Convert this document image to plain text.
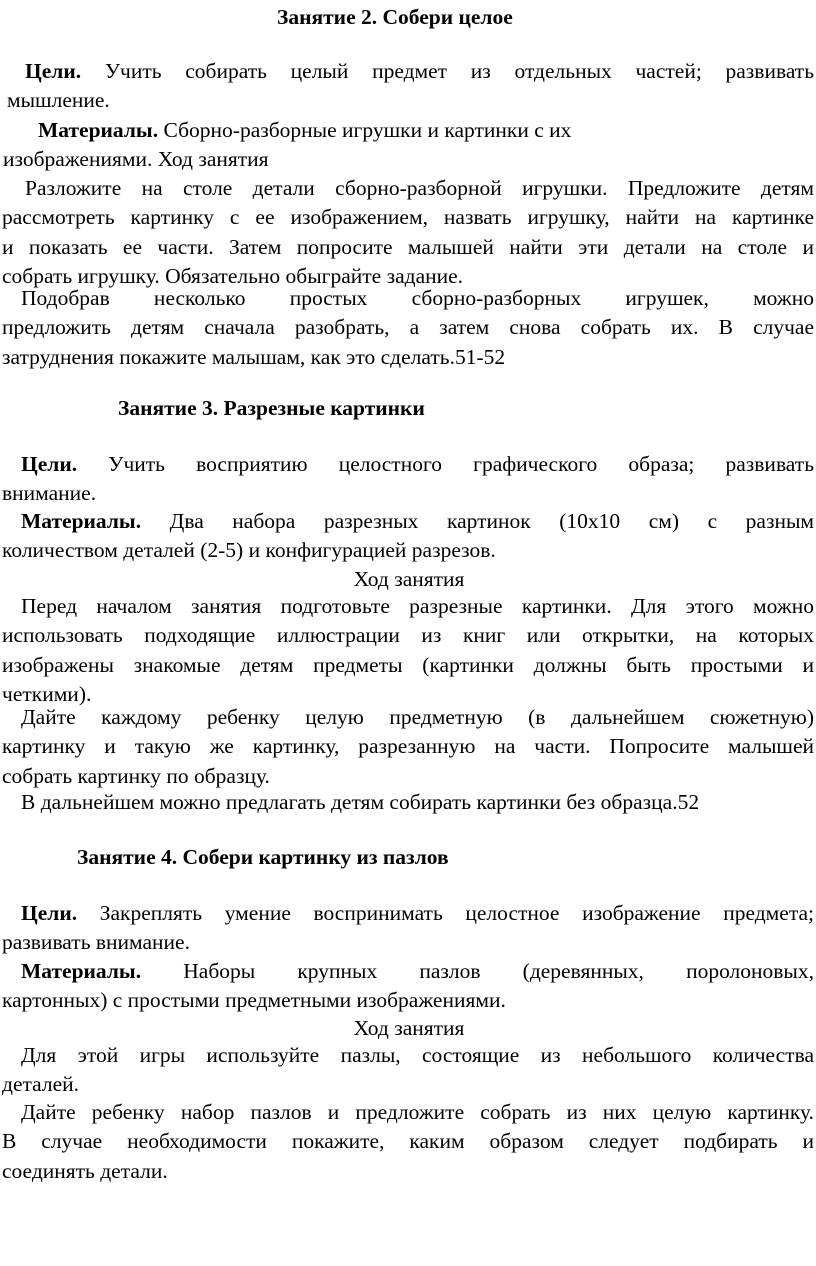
Занятие 2. Собери целое
Цели. Учить собирать целый предмет из отдельных частей; развивать
мышление.
Материалы. Сборно-разборные игрушки и картинки с их
изображениями. Ход занятия
Разложите на столе детали сборно-разборной игрушки. Предложите детям
рассмотреть картинку с ее изображением, назвать игрушку, найти на картинке
и показать ее части. Затем попросите малышей найти эти детали на столе и
собрать игрушку. Обязательно обыграйте задание.
Подобрав несколько простых сборно-разборных игрушек, можно
предложить детям сначала разобрать, а затем снова собрать их. В случае
затруднения покажите малышам, как это сделать.51-52
Занятие 3. Разрезные картинки
Цели. Учить восприятию целостного графического образа; развивать
внимание.
Материалы. Два набора разрезных картинок (10x10 см) с разным
количеством деталей (2-5) и конфигурацией разрезов.
Ход занятия
Перед началом занятия подготовьте разрезные картинки. Для этого можно
использовать подходящие иллюстрации из книг или открытки, на которых
изображены знакомые детям предметы (картинки должны быть простыми и
четкими).
Дайте каждому ребенку целую предметную (в дальнейшем сюжетную)
картинку и такую же картинку, разрезанную на части. Попросите малышей
собрать картинку по образцу.
В дальнейшем можно предлагать детям собирать картинки без образца.52
Занятие 4. Собери картинку из пазлов
Цели. Закреплять умение воспринимать целостное изображение предмета;
развивать внимание.
Материалы. Наборы крупных пазлов (деревянных, поролоновых,
картонных) с простыми предметными изображениями.
Ход занятия
Для этой игры используйте пазлы, состоящие из небольшого количества
деталей.
Дайте ребенку набор пазлов и предложите собрать из них целую картинку.
В случае необходимости покажите, каким образом следует подбирать и
соединять детали.
